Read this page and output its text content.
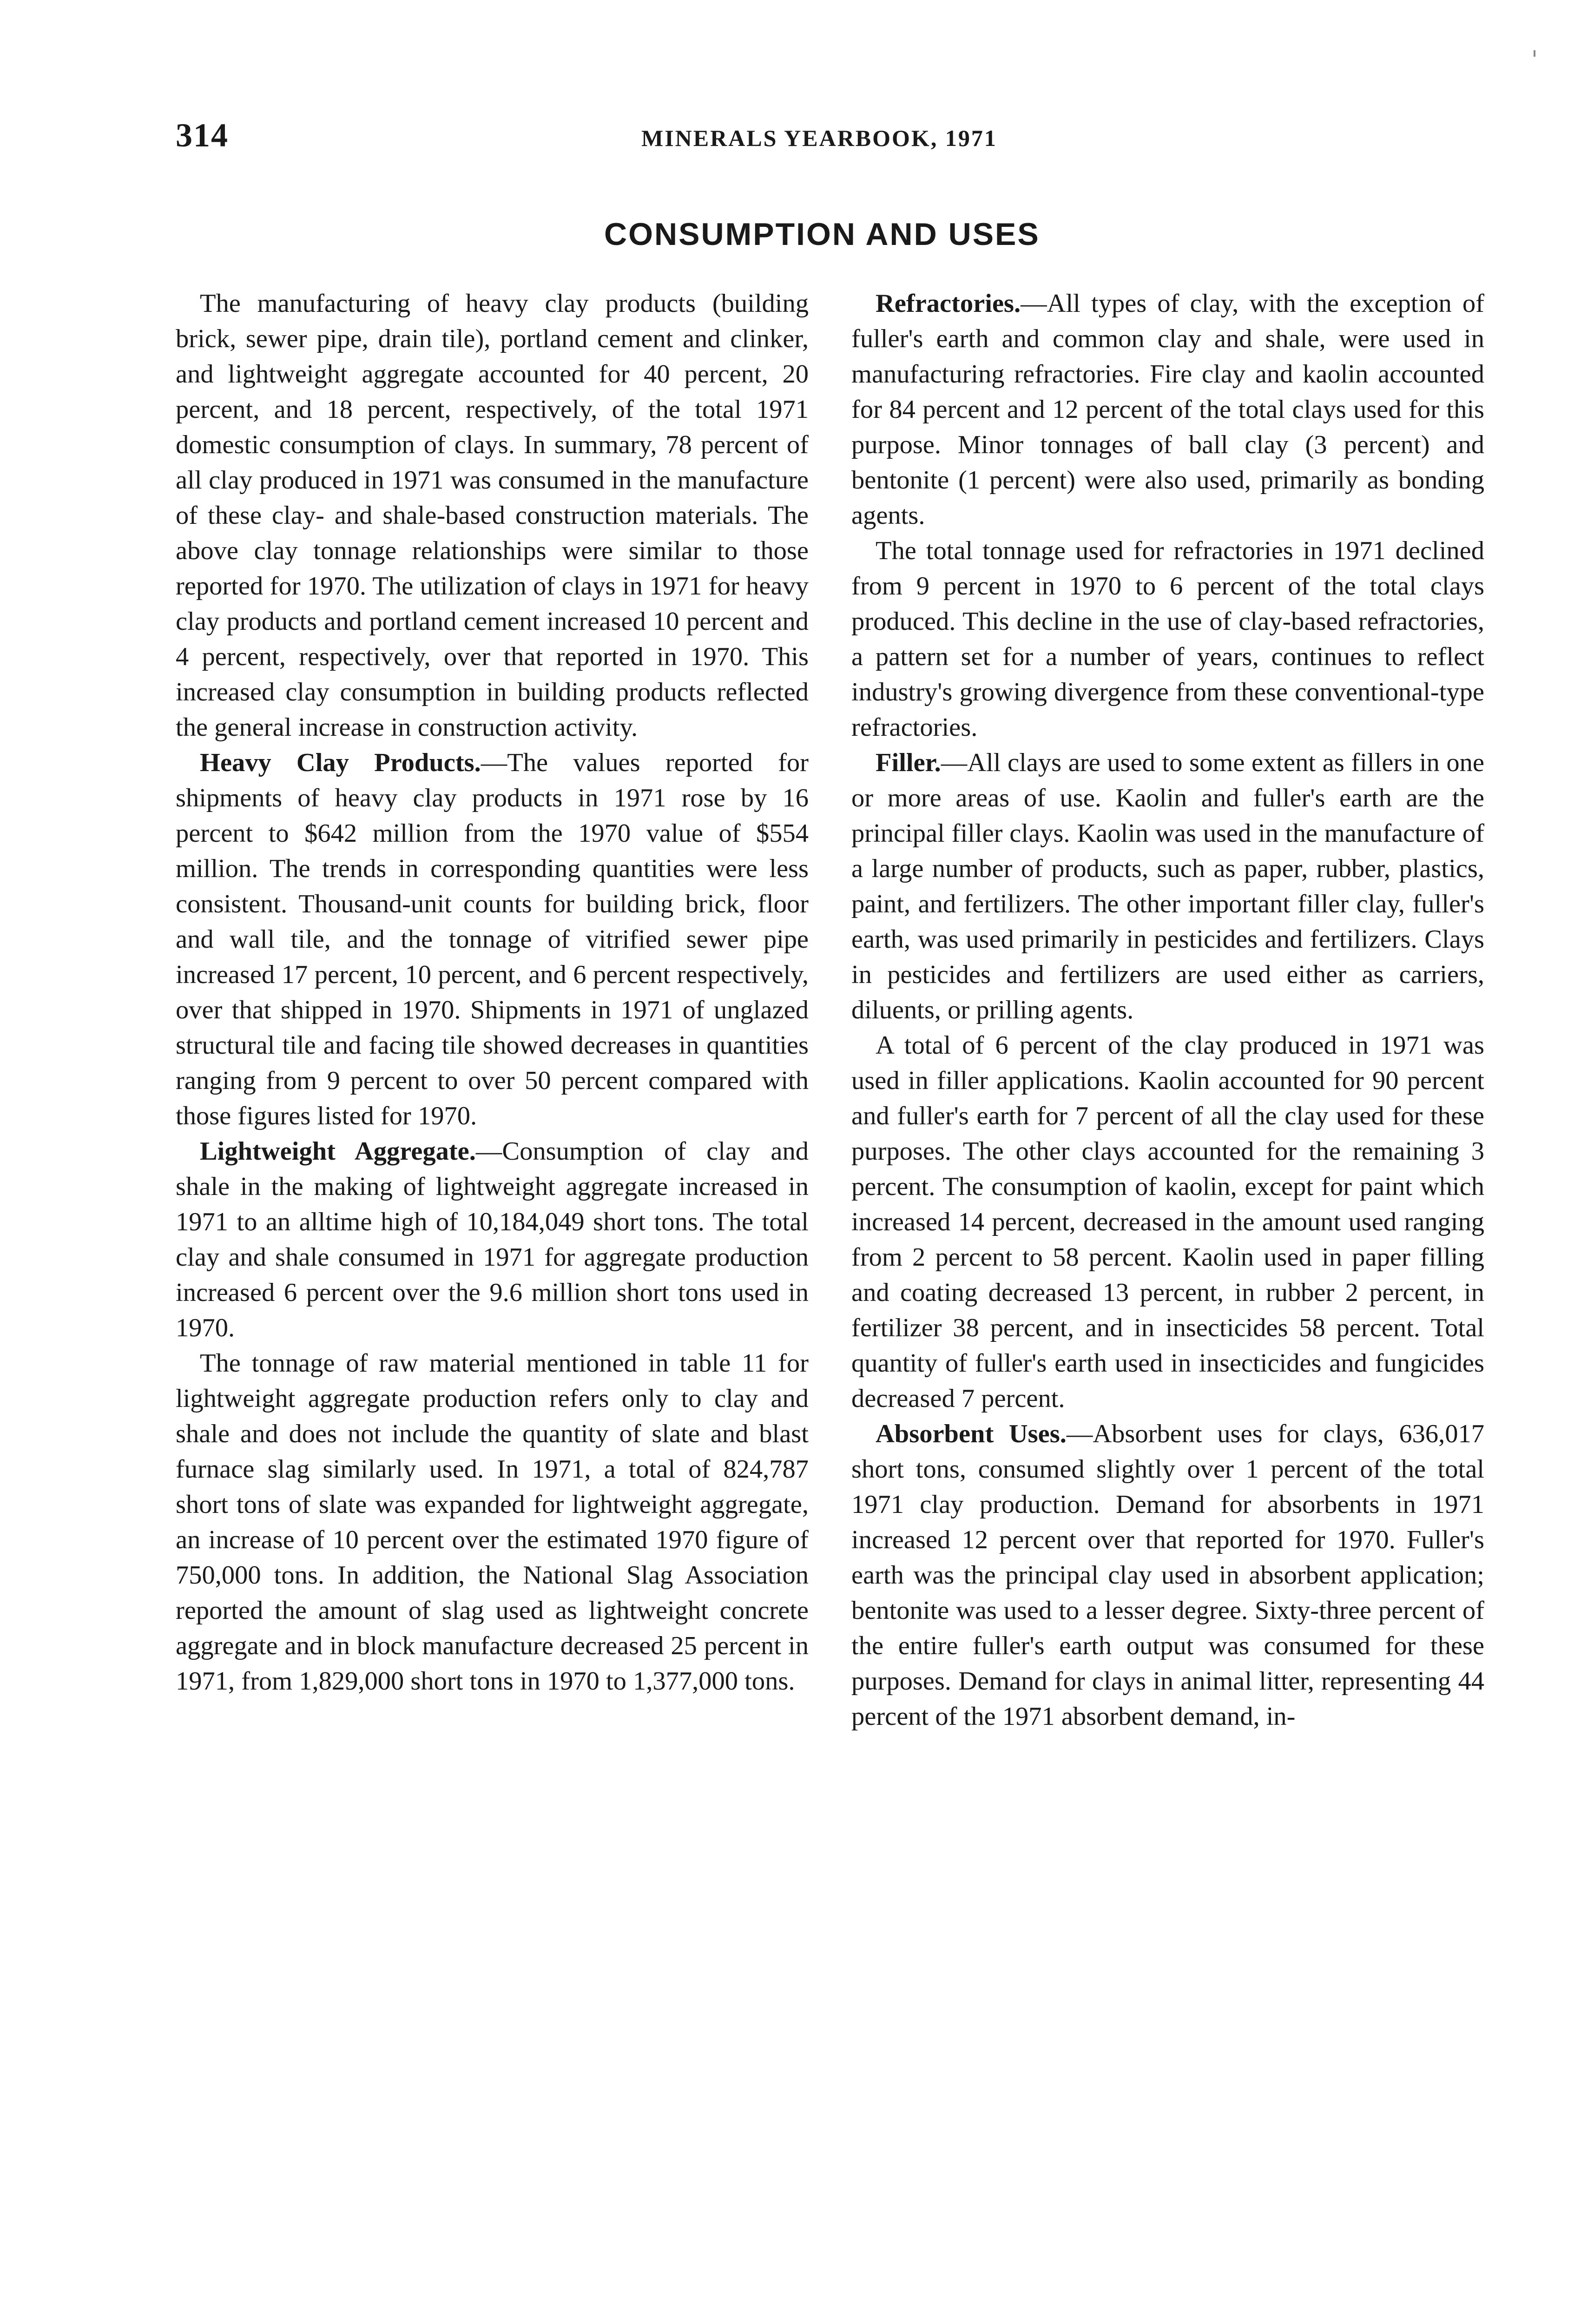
314	MINERALS YEARBOOK, 1971
CONSUMPTION AND USES

The manufacturing of heavy clay products (building brick, sewer pipe, drain tile), portland cement and clinker, and lightweight aggregate accounted for 40 percent, 20 percent, and 18 percent, respectively, of the total 1971 domestic consumption of clays. In summary, 78 percent of all clay produced in 1971 was consumed in the manufacture of these clay- and shale-based construction materials. The above clay tonnage relationships were similar to those reported for 1970. The utilization of clays in 1971 for heavy clay products and portland cement increased 10 percent and 4 percent, respectively, over that reported in 1970. This increased clay consumption in building products reflected the general increase in construction activity.

Heavy Clay Products.—The values reported for shipments of heavy clay products in 1971 rose by 16 percent to $642 million from the 1970 value of $554 million. The trends in corresponding quantities were less consistent. Thousand-unit counts for building brick, floor and wall tile, and the tonnage of vitrified sewer pipe increased 17 percent, 10 percent, and 6 percent respectively, over that shipped in 1970. Shipments in 1971 of unglazed structural tile and facing tile showed decreases in quantities ranging from 9 percent to over 50 percent compared with those figures listed for 1970.

Lightweight Aggregate.—Consumption of clay and shale in the making of lightweight aggregate increased in 1971 to an alltime high of 10,184,049 short tons. The total clay and shale consumed in 1971 for aggregate production increased 6 percent over the 9.6 million short tons used in 1970.

The tonnage of raw material mentioned in table 11 for lightweight aggregate production refers only to clay and shale and does not include the quantity of slate and blast furnace slag similarly used. In 1971, a total of 824,787 short tons of slate was expanded for lightweight aggregate, an increase of 10 percent over the estimated 1970 figure of 750,000 tons. In addition, the National Slag Association reported the amount of slag used as lightweight concrete aggregate and in block manufacture decreased 25 percent in 1971, from 1,829,000 short tons in 1970 to 1,377,000 tons.

Refractories.—All types of clay, with the exception of fuller's earth and common clay and shale, were used in manufacturing refractories. Fire clay and kaolin accounted for 84 percent and 12 percent of the total clays used for this purpose. Minor tonnages of ball clay (3 percent) and bentonite (1 percent) were also used, primarily as bonding agents.

The total tonnage used for refractories in 1971 declined from 9 percent in 1970 to 6 percent of the total clays produced. This decline in the use of clay-based refractories, a pattern set for a number of years, continues to reflect industry's growing divergence from these conventional-type refractories.

Filler.—All clays are used to some extent as fillers in one or more areas of use. Kaolin and fuller's earth are the principal filler clays. Kaolin was used in the manufacture of a large number of products, such as paper, rubber, plastics, paint, and fertilizers. The other important filler clay, fuller's earth, was used primarily in pesticides and fertilizers. Clays in pesticides and fertilizers are used either as carriers, diluents, or prilling agents.

A total of 6 percent of the clay produced in 1971 was used in filler applications. Kaolin accounted for 90 percent and fuller's earth for 7 percent of all the clay used for these purposes. The other clays accounted for the remaining 3 percent. The consumption of kaolin, except for paint which increased 14 percent, decreased in the amount used ranging from 2 percent to 58 percent. Kaolin used in paper filling and coating decreased 13 percent, in rubber 2 percent, in fertilizer 38 percent, and in insecticides 58 percent. Total quantity of fuller's earth used in insecticides and fungicides decreased 7 percent.

Absorbent Uses.—Absorbent uses for clays, 636,017 short tons, consumed slightly over 1 percent of the total 1971 clay production. Demand for absorbents in 1971 increased 12 percent over that reported for 1970. Fuller's earth was the principal clay used in absorbent application; bentonite was used to a lesser degree. Sixty-three percent of the entire fuller's earth output was consumed for these purposes. Demand for clays in animal litter, representing 44 percent of the 1971 absorbent demand, in-
